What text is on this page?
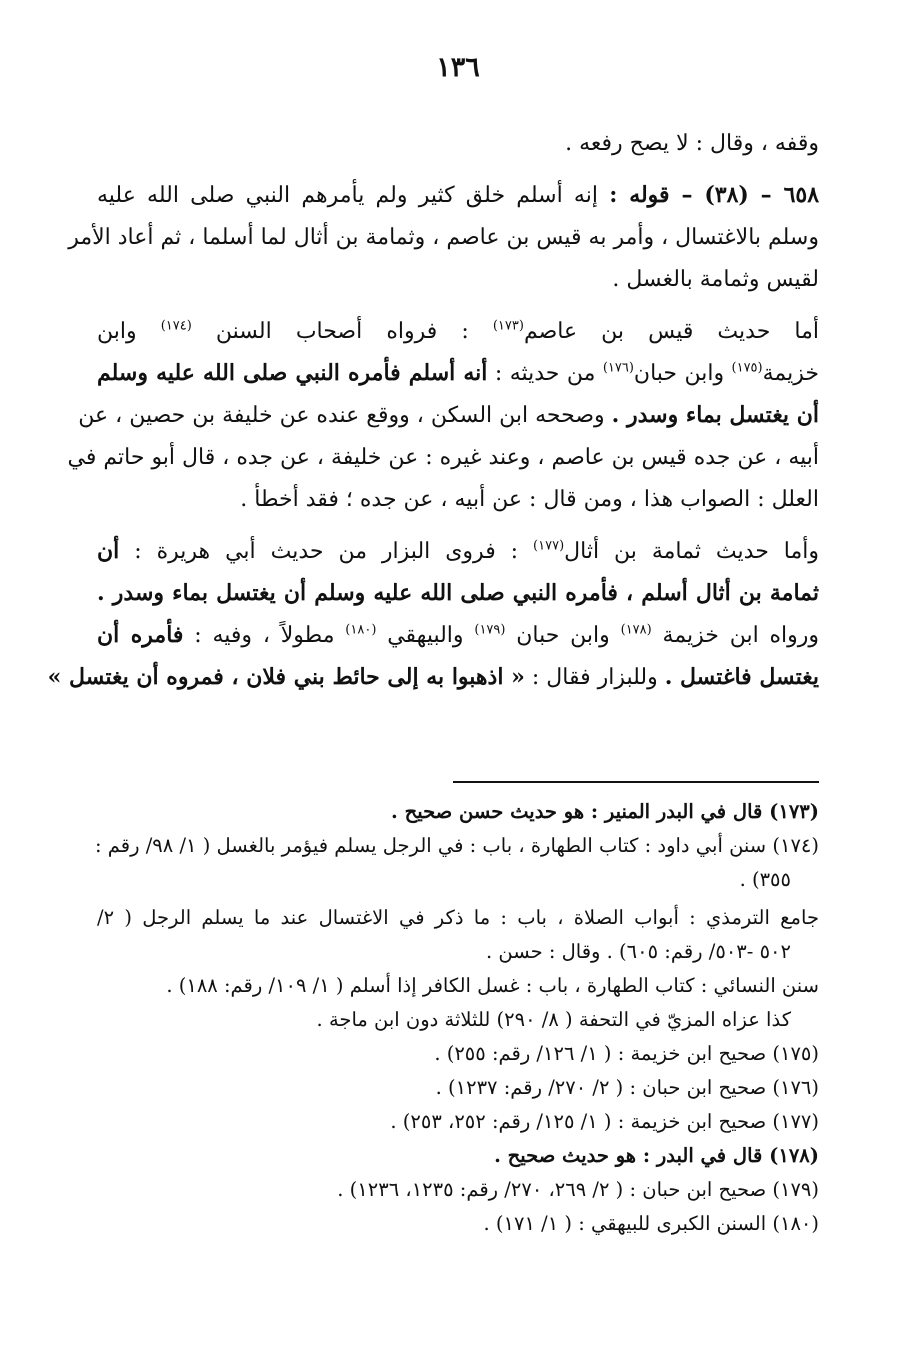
١٣٦
وقفه ، وقال : لا يصح رفعه .
٦٥٨ – (٣٨) – قوله : إنه أسلم خلق كثير ولم يأمرهم النبي صلى الله عليه
وسلم بالاغتسال ، وأمر به قيس بن عاصم ، وثمامة بن أثال لما أسلما ، ثم أعاد الأمر
لقيس وثمامة بالغسل .
أما حديث قيس بن عاصم$^{(١٧٣)}$ : فرواه أصحاب السنن $^{(١٧٤)}$ وابن
خزيمة$^{(١٧٥)}$ وابن حبان$^{(١٧٦)}$ من حديثه : أنه أسلم فأمره النبي صلى الله عليه وسلم
أن يغتسل بماء وسدر . وصححه ابن السكن ، ووقع عنده عن خليفة بن حصين ، عن
أبيه ، عن جده قيس بن عاصم ، وعند غيره : عن خليفة ، عن جده ، قال أبو حاتم في
العلل : الصواب هذا ، ومن قال : عن أبيه ، عن جده ؛ فقد أخطأ .
وأما حديث ثمامة بن أثال$^{(١٧٧)}$ : فروى البزار من حديث أبي هريرة : أن
ثمامة بن أثال أسلم ، فأمره النبي صلى الله عليه وسلم أن يغتسل بماء وسدر .
ورواه ابن خزيمة $^{(١٧٨)}$ وابن حبان $^{(١٧٩)}$ والبيهقي $^{(١٨٠)}$ مطولاً ، وفيه : فأمره أن
يغتسل فاغتسل . وللبزار فقال : « اذهبوا به إلى حائط بني فلان ، فمروه أن يغتسل »
(١٧٣) قال في البدر المنير : هو حديث حسن صحيح .
(١٧٤) سنن أبي داود : كتاب الطهارة ، باب : في الرجل يسلم فيؤمر بالغسل ( ١/ ٩٨/ رقم :
٣٥٥) .
جامع الترمذي : أبواب الصلاة ، باب : ما ذكر في الاغتسال عند ما يسلم الرجل ( ٢/
٥٠٢ -٥٠٣/ رقم: ٦٠٥) . وقال : حسن .
سنن النسائي : كتاب الطهارة ، باب : غسل الكافر إذا أسلم ( ١/ ١٠٩/ رقم: ١٨٨) .
كذا عزاه المزيّ في التحفة ( ٨/ ٢٩٠) للثلاثة دون ابن ماجة .
(١٧٥) صحيح ابن خزيمة : ( ١/ ١٢٦/ رقم: ٢٥٥) .
(١٧٦) صحيح ابن حبان : ( ٢/ ٢٧٠/ رقم: ١٢٣٧) .
(١٧٧) صحيح ابن خزيمة : ( ١/ ١٢٥/ رقم: ٢٥٢، ٢٥٣) .
(١٧٨) قال في البدر : هو حديث صحيح .
(١٧٩) صحيح ابن حبان : ( ٢/ ٢٦٩، ٢٧٠/ رقم: ١٢٣٥، ١٢٣٦) .
(١٨٠) السنن الكبرى للبيهقي : ( ١/ ١٧١) .
